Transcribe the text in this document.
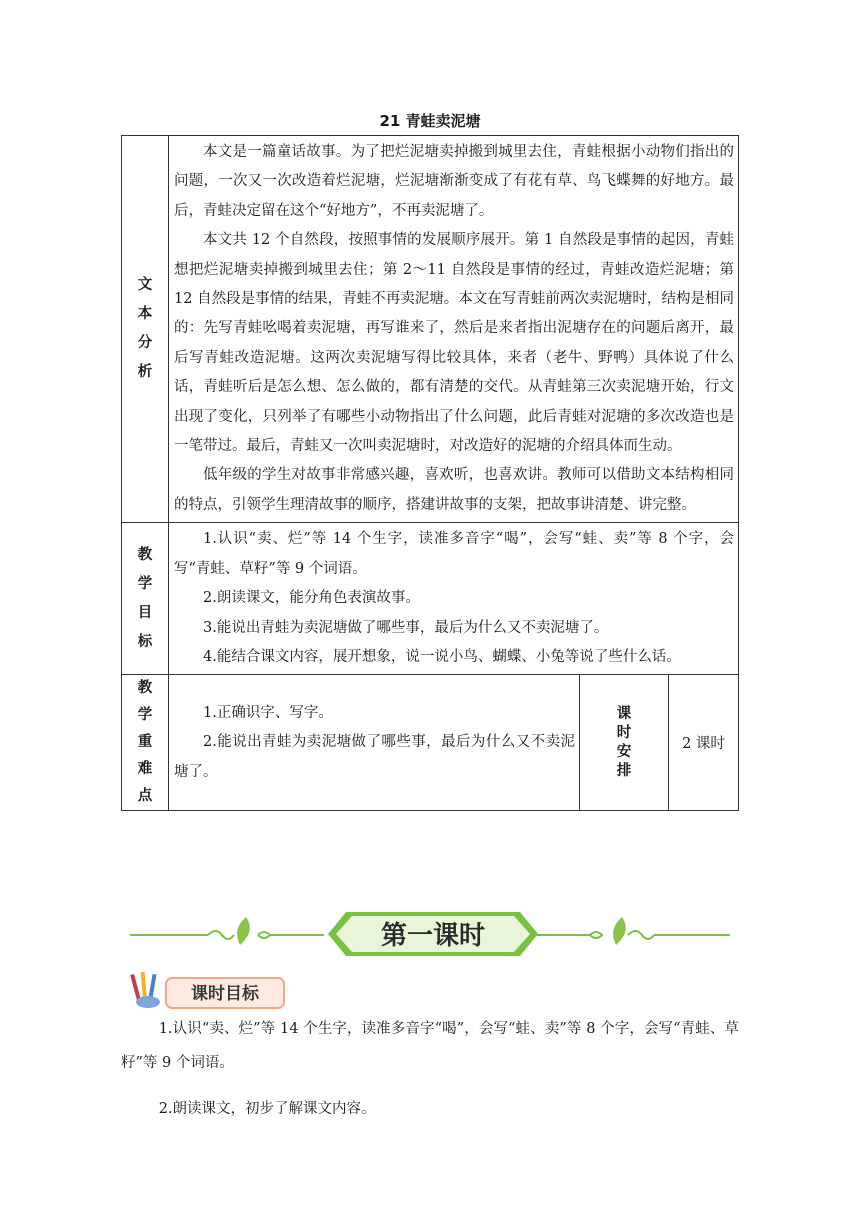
21 青蛙卖泥塘
文本分析	本文是一篇童话故事。为了把烂泥塘卖掉搬到城里去住，青蛙根据小动物们指出的问题，一次又一次改造着烂泥塘，烂泥塘渐渐变成了有花有草、鸟飞蝶舞的好地方。最后，青蛙决定留在这个“好地方”，不再卖泥塘了。

本文共 12 个自然段，按照事情的发展顺序展开。第 1 自然段是事情的起因，青蛙想把烂泥塘卖掉搬到城里去住；第 2～11 自然段是事情的经过，青蛙改造烂泥塘；第 12 自然段是事情的结果，青蛙不再卖泥塘。本文在写青蛙前两次卖泥塘时，结构是相同的：先写青蛙吆喝着卖泥塘，再写谁来了，然后是来者指出泥塘存在的问题后离开，最后写青蛙改造泥塘。这两次卖泥塘写得比较具体，来者（老牛、野鸭）具体说了什么话，青蛙听后是怎么想、怎么做的，都有清楚的交代。从青蛙第三次卖泥塘开始，行文出现了变化，只列举了有哪些小动物指出了什么问题，此后青蛙对泥塘的多次改造也是一笔带过。最后，青蛙又一次叫卖泥塘时，对改造好的泥塘的介绍具体而生动。

低年级的学生对故事非常感兴趣，喜欢听，也喜欢讲。教师可以借助文本结构相同的特点，引领学生理清故事的顺序，搭建讲故事的支架，把故事讲清楚、讲完整。		

教学目标	1.认识“卖、烂”等 14 个生字，读准多音字“喝”，会写“蛙、卖”等 8 个字，会写“青蛙、草籽”等 9 个词语。

2.朗读课文，能分角色表演故事。

3.能说出青蛙为卖泥塘做了哪些事，最后为什么又不卖泥塘了。

4.能结合课文内容，展开想象，说一说小鸟、蝴蝶、小兔等说了些什么话。		

教学重难点	1.正确识字、写字。

2.能说出青蛙为卖泥塘做了哪些事，最后为什么又不卖泥塘了。	课时安排	2 课时
第一课时
课时目标

1.认识“卖、烂”等 14 个生字，读准多音字“喝”，会写“蛙、卖”等 8 个字，会写“青蛙、草籽”等 9 个词语。

2.朗读课文，初步了解课文内容。
